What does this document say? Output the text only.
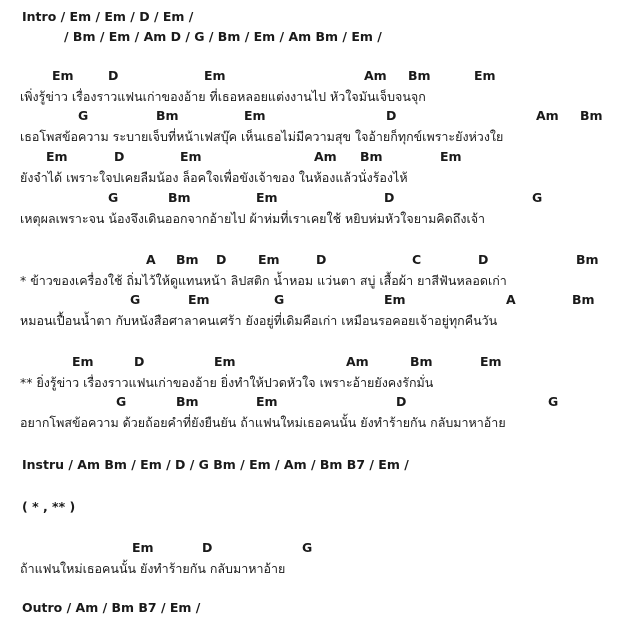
Intro / Em / Em / D / Em /
/ Bm / Em / Am D / G / Bm / Em / Am Bm / Em /
Em	D	Em	Am Bm	Em
เพิ่งรู้ข่าว เรื่องราวแฟนเก่าของอ้าย ที่เธอหลอยแต่งงานไป หัวใจมันเจ็บจนจุก
G	Bm	Em	D	Am Bm
เธอโพสข้อความ ระบายเจ็บที่หน้าเฟสบุ๊ค เห็นเธอไม่มีความสุข ใจอ้ายก็ทุกข์เพราะยังห่วงใย
Em	D	Em	Am Bm	Em
ยังจำได้ เพราะใจปเคยลืมน้อง ล็อคใจเพื่อขังเจ้าของ ในห้องแล้วนั่งร้องไห้
G	Bm	Em	D	G
เหตุผลเพราะจน น้องจึงเดินออกจากอ้ายไป ผ้าห่มที่เราเคยใช้ หยิบห่มหัวใจยามคิดถึงเจ้า
A Bm D	Em	D	C	D	Bm
* ข้าวของเครื่องใช้ ถิ่มไว้ให้ดูแทนหน้า ลิปสติก น้ำหอม แว่นตา สบู่ เสื้อผ้า ยาสีฟันหลอดเก่า
G	Em	G	Em	A	Bm
หมอนเปื้อนน้ำตา กับหนังสือศาลาคนเศร้า ยังอยู่ที่เดิมคือเก่า เหมือนรอคอยเจ้าอยู่ทุกคืนวัน
Em	D	Em	Am	Bm	Em
** ยิ่งรู้ข่าว เรื่องราวแฟนเก่าของอ้าย ยิ่งทำให้ปวดหัวใจ เพราะอ้ายยังคงรักมั่น
G	Bm	Em	D	G
อยากโพสข้อความ ด้วยถ้อยคำที่ยังยืนยัน ถ้าแฟนใหม่เธอคนนั้น ยังทำร้ายกัน กลับมาหาอ้าย
Instru / Am Bm / Em / D / G Bm / Em / Am / Bm B7 / Em /
( * , ** )
Em	D	G
ถ้าแฟนใหม่เธอคนนั้น ยังทำร้ายกัน กลับมาหาอ้าย
Outro / Am / Bm B7 / Em /
